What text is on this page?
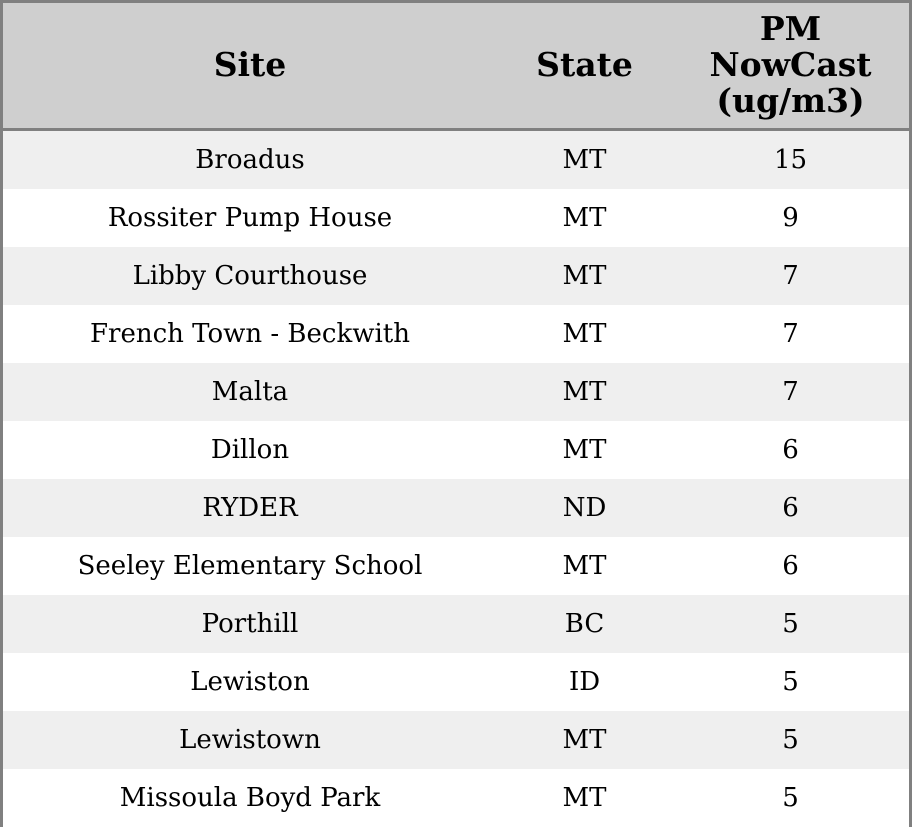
Site	State	PM
NowCast
(ug/m3)

Broadus	MT	15
Rossiter Pump House	MT	9
Libby Courthouse	MT	7
French Town - Beckwith	MT	7
Malta	MT	7
Dillon	MT	6
RYDER	ND	6
Seeley Elementary School	MT	6
Porthill	BC	5
Lewiston	ID	5
Lewistown	MT	5
Missoula Boyd Park	MT	5
